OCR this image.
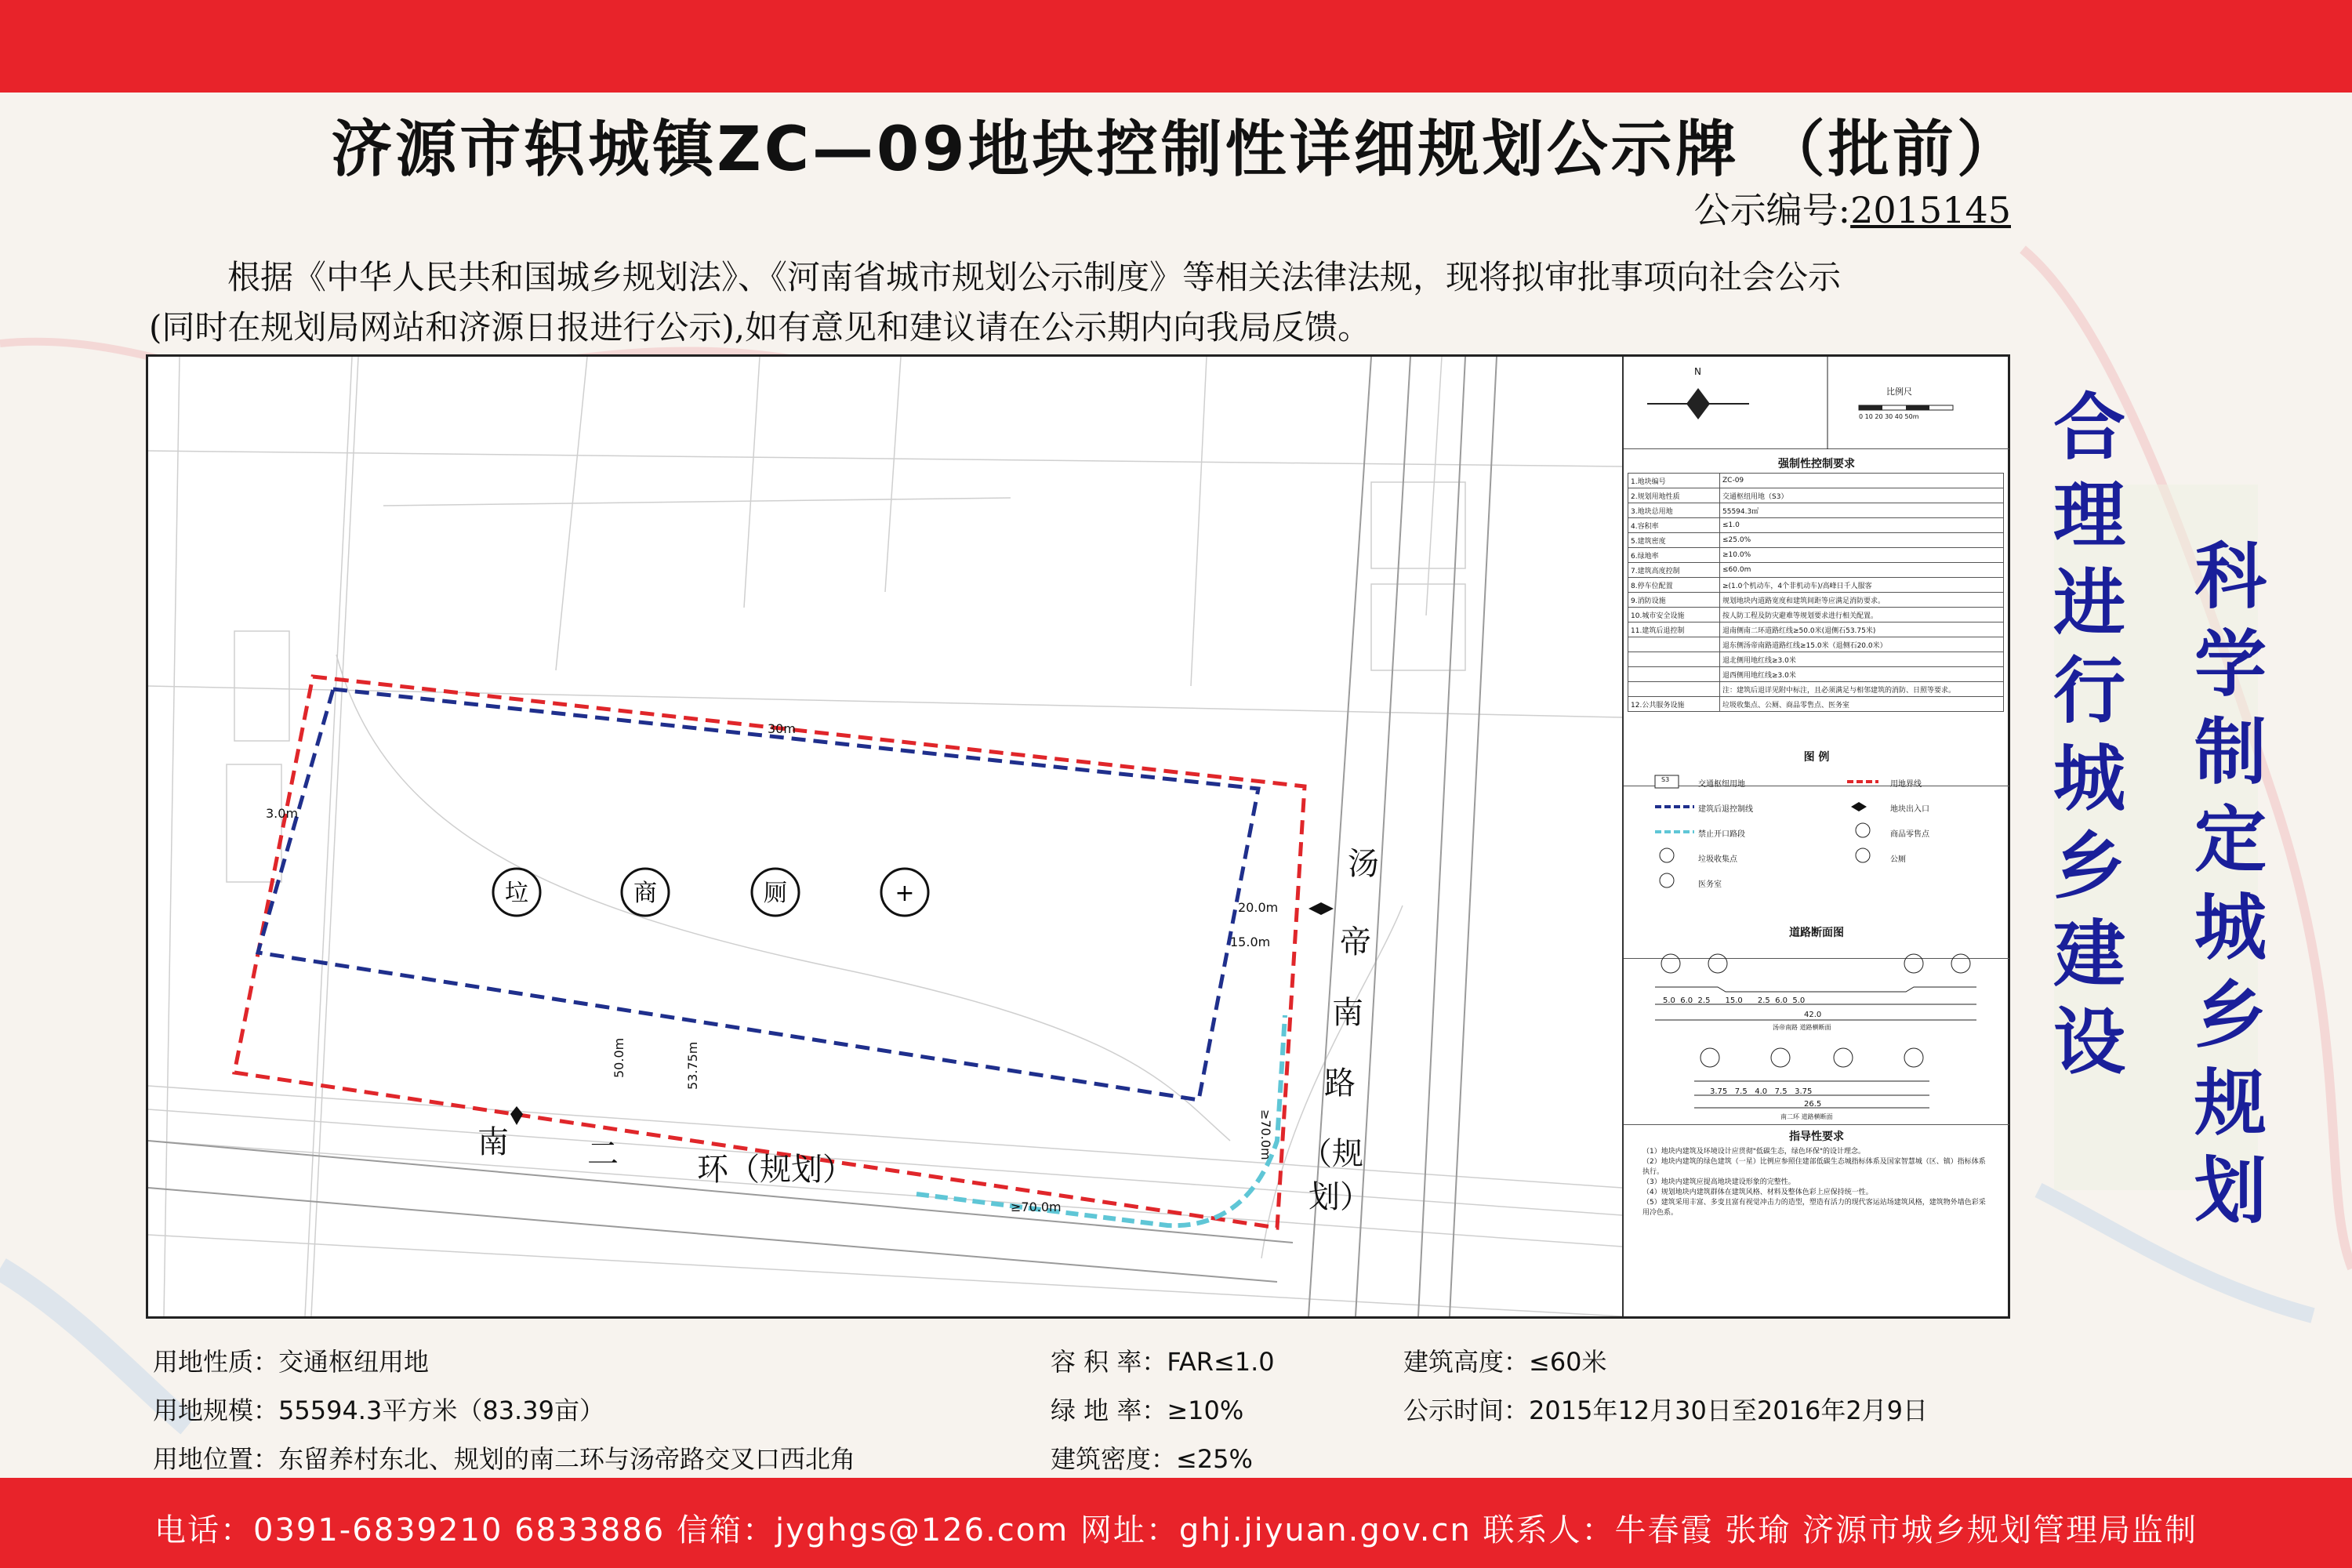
济源市轵城镇ZC—09地块控制性详细规划公示牌 （批前）
公示编号:2015145

根据《中华人民共和国城乡规划法》、《河南省城市规划公示制度》等相关法律法规，现将拟审批事项向社会公示

(同时在规划局网站和济源日报进行公示),如有意见和建议请在公示期内向我局反馈。
垃	商	厕	+
汤
帝
南
路
（规
划）
南	二	环（规划）
30m
3.0m
20.0m
15.0m
50.0m	53.75m
≥70.0m
≥70.0m
N
比例尺
0 10 20 30 40 50m
强制性控制要求
1.地块编号	ZC-09
2.规划用地性质	交通枢纽用地（S3）
3.地块总用地	55594.3㎡
4.容积率	≤1.0
5.建筑密度	≤25.0%
6.绿地率	≥10.0%
7.建筑高度控制	≤60.0m
8.停车位配置	≥(1.0个机动车，4个非机动车)/高峰日千人服客
9.消防设施	规划地块内道路宽度和建筑间距等应满足消防要求。
10.城市安全设施	按人防工程及防灾避难等规划要求进行相关配置。
11.建筑后退控制	退南侧南二环道路红线≥50.0米(退侧石53.75米)
	退东侧汤帝南路道路红线≥15.0米（退侧石20.0米）
	退北侧用地红线≥3.0米
	退西侧用地红线≥3.0米
	注：建筑后退详见附中标注，且必须满足与相邻建筑的消防、日照等要求。
12.公共服务设施	垃圾收集点、公厕、商品零售点、医务室
图 例
S3
交通枢纽用地	用地界线
建筑后退控制线	地块出入口
禁止开口路段	商品零售点
垃圾收集点	公厕
医务室
道路断面图
5.0  6.0  2.5      15.0      2.5  6.0  5.0
42.0
汤帝南路 道路横断面
3.75   7.5   4.0   7.5   3.75
26.5
南二环 道路横断面
指导性要求
（1）地块内建筑及环境设计应贯彻"低碳生态，绿色环保"的设计理念。
（2）地块内建筑的绿色建筑（一星）比例应参照住建部低碳生态城指标体系及国家智慧城（区、镇）指标体系执行。
（3）地块内建筑应提高地块建设形象的完整性。
（4）规划地块内建筑群体在建筑风格、材料及整体色彩上应保持统一性。
（5）建筑采用丰富、多变且富有视觉冲击力的造型，塑造有活力的现代客运站场建筑风格，建筑物外墙色彩采用冷色系。
合理进行城乡建设
科学制定城乡规划
用地性质：交通枢纽用地
用地规模：55594.3平方米（83.39亩）
用地位置：东留养村东北、规划的南二环与汤帝路交叉口西北角
容 积 率：FAR≤1.0
绿 地 率：≥10%
建筑密度：≤25%
建筑高度：≤60米
公示时间：2015年12月30日至2016年2月9日
电话：0391-6839210 6833886 信箱：jyghgs@126.com 网址：ghj.jiyuan.gov.cn 联系人：牛春霞 张瑜 济源市城乡规划管理局监制
